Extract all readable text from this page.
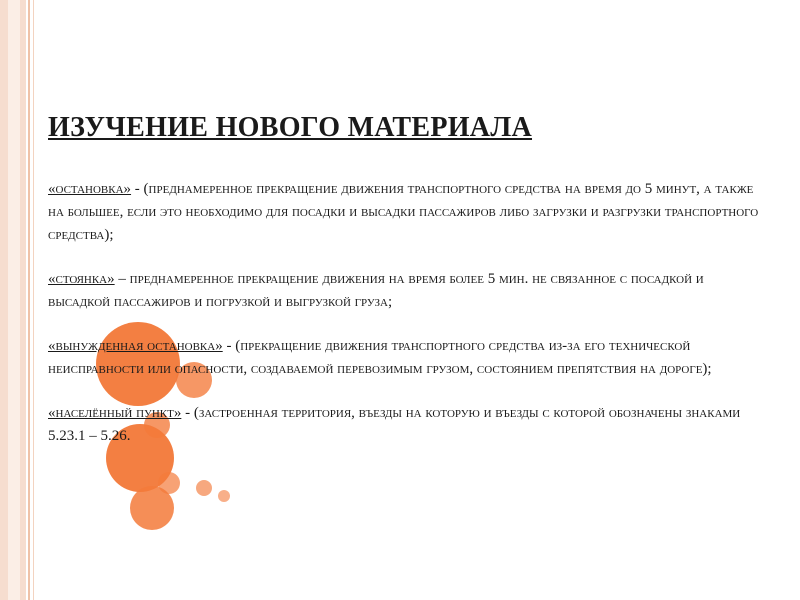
ИЗУЧЕНИЕ НОВОГО МАТЕРИАЛА

«остановка» - (преднамеренное прекращение движения транспортного средства на время до 5 минут, а также на большее, если это необходимо для посадки и высадки пассажиров либо загрузки и разгрузки транспортного средства);

«стоянка» – преднамеренное прекращение движения на время более 5 мин. не связанное с посадкой и высадкой пассажиров и погрузкой и выгрузкой груза;

«вынужденная остановка» - (прекращение движения транспортного средства из-за его технической неисправности или опасности, создаваемой перевозимым грузом, состоянием препятствия на дороге);

«населённый пункт» - (застроенная территория, въезды на которую и въезды с которой обозначены знаками 5.23.1 – 5.26.
